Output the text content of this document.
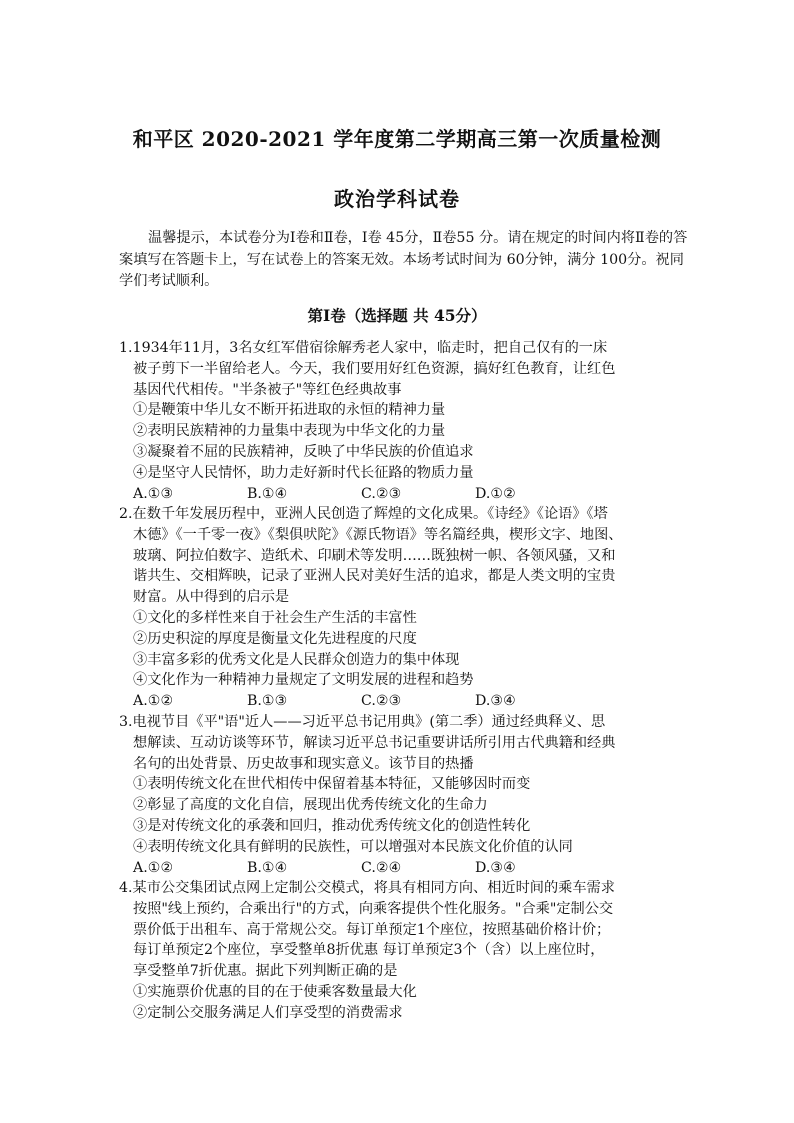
和平区 2020-2021 学年度第二学期高三第一次质量检测
政治学科试卷
温馨提示，本试卷分为Ⅰ卷和Ⅱ卷，Ⅰ卷 45分，Ⅱ卷55 分。请在规定的时间内将Ⅱ卷的答案填写在答题卡上，写在试卷上的答案无效。本场考试时间为 60分钟，满分 100分。祝同学们考试顺利。
第Ⅰ卷（选择题 共 45分）
1.1934年11月，3名女红军借宿徐解秀老人家中，临走时，把自己仅有的一床
被子剪下一半留给老人。今天，我们要用好红色资源，搞好红色教育，让红色
基因代代相传。"半条被子"等红色经典故事
①是鞭策中华儿女不断开拓进取的永恒的精神力量
②表明民族精神的力量集中表现为中华文化的力量
③凝聚着不屈的民族精神，反映了中华民族的价值追求
④是坚守人民情怀，助力走好新时代长征路的物质力量
A.①③	B.①④	C.②③	D.①②
2.在数千年发展历程中，亚洲人民创造了辉煌的文化成果。《诗经》《论语》《塔
木德》《一千零一夜》《梨俱吠陀》《源氏物语》等名篇经典，楔形文字、地图、
玻璃、阿拉伯数字、造纸术、印刷术等发明……既独树一帜、各领风骚，又和
谐共生、交相辉映，记录了亚洲人民对美好生活的追求，都是人类文明的宝贵
财富。从中得到的启示是
①文化的多样性来自于社会生产生活的丰富性
②历史积淀的厚度是衡量文化先进程度的尺度
③丰富多彩的优秀文化是人民群众创造力的集中体现
④文化作为一种精神力量规定了文明发展的进程和趋势
A.①②	B.①③	C.②③	D.③④
3.电视节目《平"语"近人——习近平总书记用典》(第二季）通过经典释义、思
想解读、互动访谈等环节，解读习近平总书记重要讲话所引用古代典籍和经典
名句的出处背景、历史故事和现实意义。该节目的热播
①表明传统文化在世代相传中保留着基本特征，又能够因时而变
②彰显了高度的文化自信，展现出优秀传统文化的生命力
③是对传统文化的承袭和回归，推动优秀传统文化的创造性转化
④表明传统文化具有鲜明的民族性，可以增强对本民族文化价值的认同
A.①②	B.①④	C.②④	D.③④
4.某市公交集团试点网上定制公交模式，将具有相同方向、相近时间的乘车需求
按照"线上预约，合乘出行"的方式，向乘客提供个性化服务。"合乘"定制公交
票价低于出租车、高于常规公交。每订单预定1个座位，按照基础价格计价；
每订单预定2个座位，享受整单8折优惠 每订单预定3个（含）以上座位时，
享受整单7折优惠。据此下列判断正确的是
①实施票价优惠的目的在于使乘客数量最大化
②定制公交服务满足人们享受型的消费需求
